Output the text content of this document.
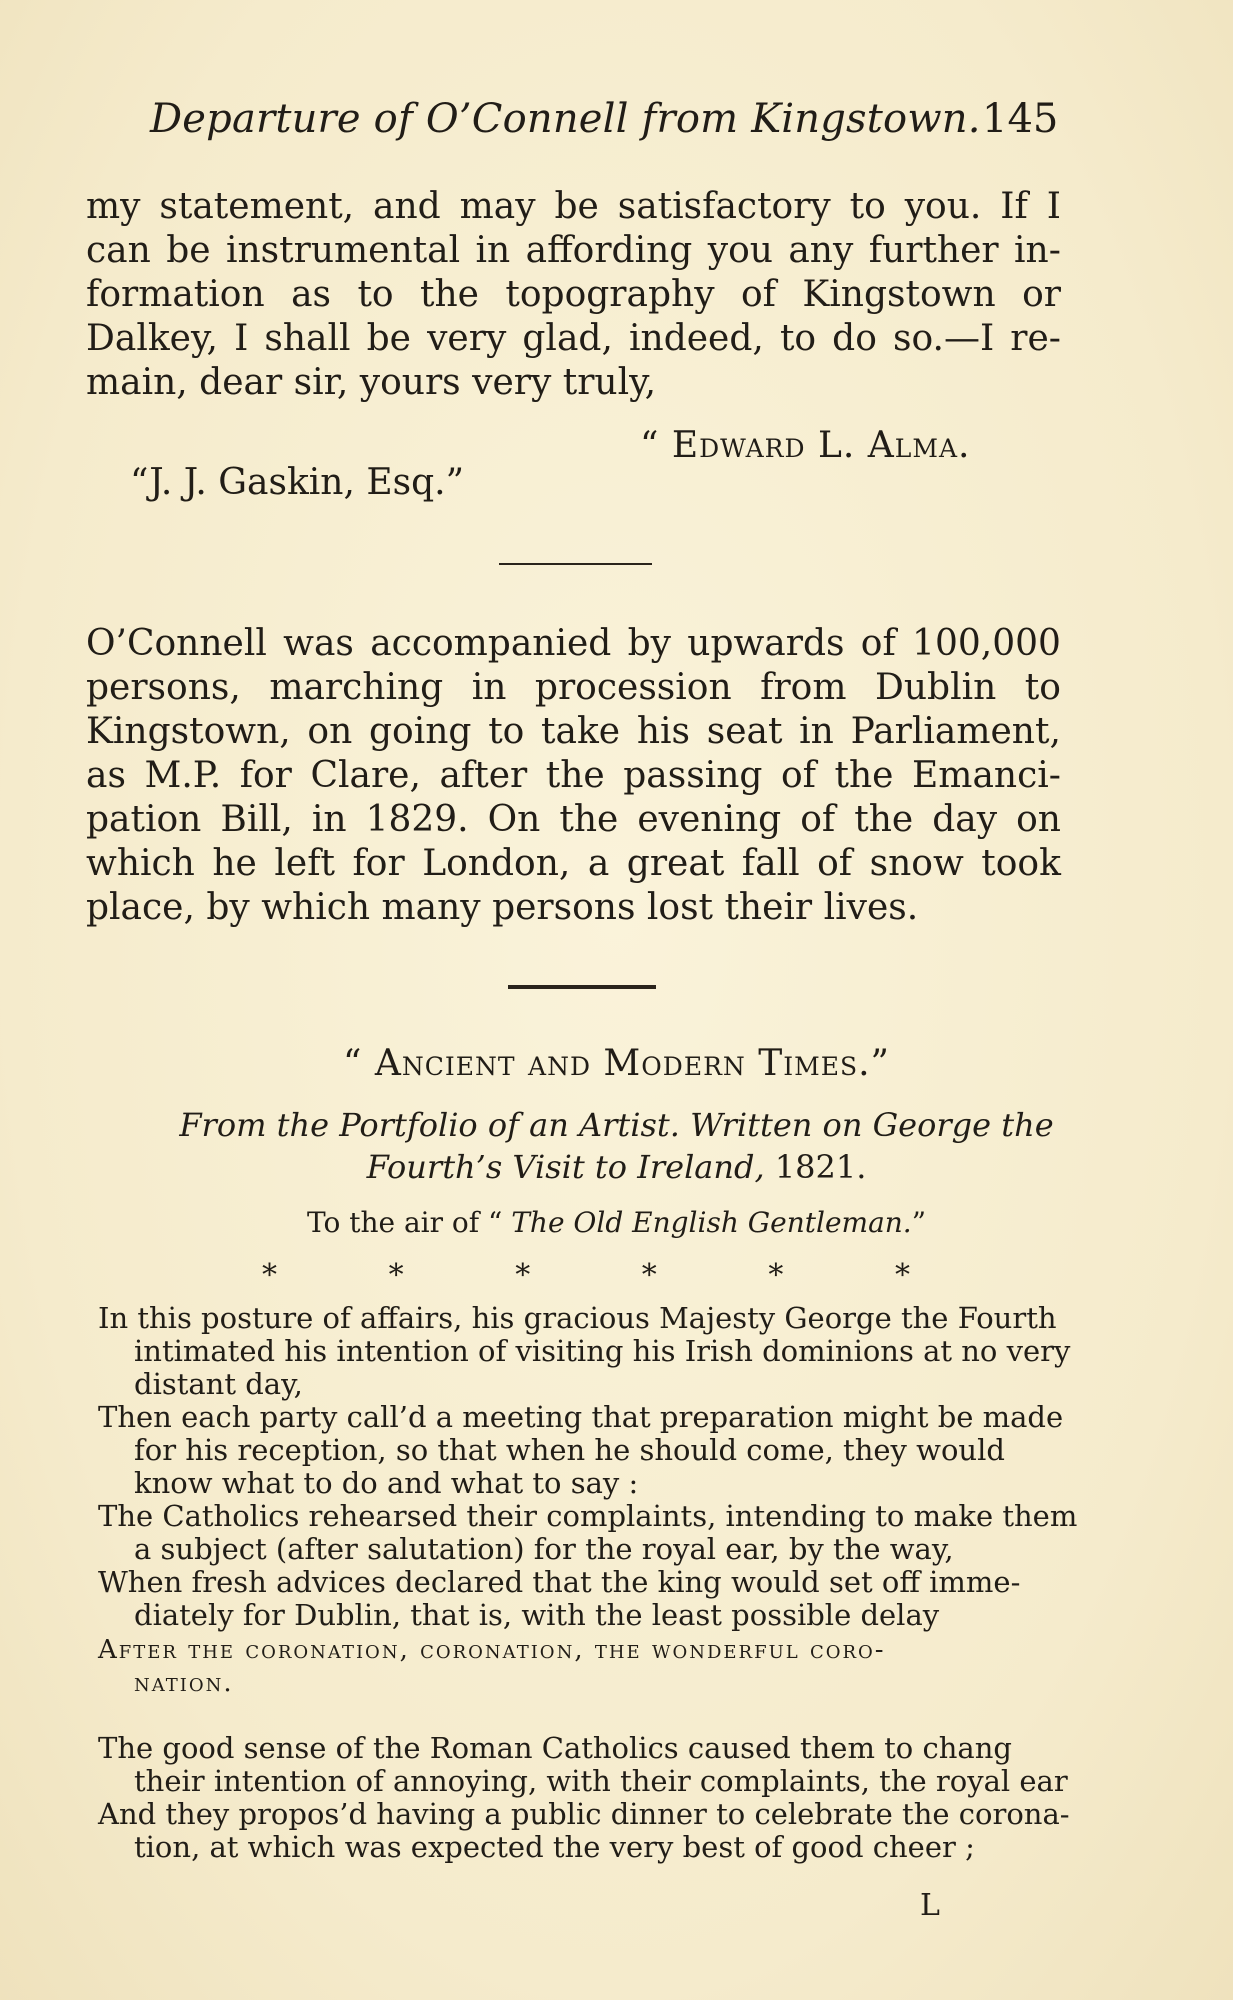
Departure of O’Connell from Kingstown. 145
my statement, and may be satisfactory to you. If I
can be instrumental in affording you any further in-
formation as to the topography of Kingstown or
Dalkey, I shall be very glad, indeed, to do so.—I re-
main, dear sir, yours very truly,
“ Edward L. Alma.
“J. J. Gaskin, Esq.”
O’Connell was accompanied by upwards of 100,000
persons, marching in procession from Dublin to
Kingstown, on going to take his seat in Parliament,
as M.P. for Clare, after the passing of the Emanci-
pation Bill, in 1829. On the evening of the day on
which he left for London, a great fall of snow took
place, by which many persons lost their lives.
“ Ancient and Modern Times.”
From the Portfolio of an Artist. Written on George the
Fourth’s Visit to Ireland, 1821.
To the air of “ The Old English Gentleman.”
*	*	*	*	*	*
In this posture of affairs, his gracious Majesty George the Fourth
intimated his intention of visiting his Irish dominions at no very
distant day,
Then each party call’d a meeting that preparation might be made
for his reception, so that when he should come, they would
know what to do and what to say :
The Catholics rehearsed their complaints, intending to make them
a subject (after salutation) for the royal ear, by the way,
When fresh advices declared that the king would set off imme-
diately for Dublin, that is, with the least possible delay
After the coronation, coronation, the wonderful coro-
nation.
The good sense of the Roman Catholics caused them to chang
their intention of annoying, with their complaints, the royal ear
And they propos’d having a public dinner to celebrate the corona-
tion, at which was expected the very best of good cheer ;
L
